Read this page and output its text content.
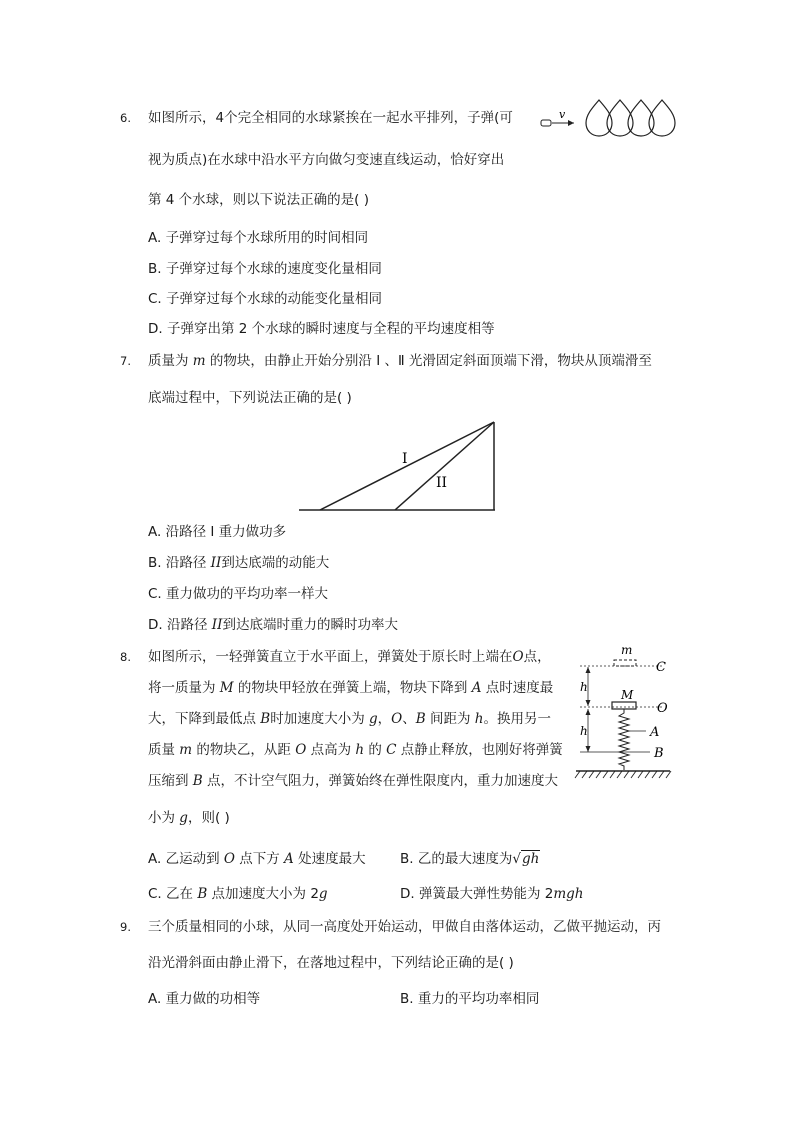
6. 如图所示，4个完全相同的水球紧挨在一起水平排列，子弹(可
视为质点)在水球中沿水平方向做匀变速直线运动，恰好穿出
第 4 个水球，则以下说法正确的是( )
A. 子弹穿过每个水球所用的时间相同
B. 子弹穿过每个水球的速度变化量相同
C. 子弹穿过每个水球的动能变化量相同
D. 子弹穿出第 2 个水球的瞬时速度与全程的平均速度相等
v
7. 质量为 m 的物块，由静止开始分别沿 Ⅰ 、Ⅱ 光滑固定斜面顶端下滑，物块从顶端滑至
底端过程中，下列说法正确的是( )
I
II
A. 沿路径 Ⅰ 重力做功多
B. 沿路径 II到达底端的动能大
C. 重力做功的平均功率一样大
D. 沿路径 II到达底端时重力的瞬时功率大
8. 如图所示，一轻弹簧直立于水平面上，弹簧处于原长时上端在O点，
将一质量为 M 的物块甲轻放在弹簧上端，物块下降到 A 点时速度最
大，下降到最低点 B时加速度大小为 g，O、B 间距为 h。换用另一
质量 m 的物块乙，从距 O 点高为 h 的 C 点静止释放，也刚好将弹簧
压缩到 B 点，不计空气阻力，弹簧始终在弹性限度内，重力加速度大
小为 g，则( )
m
C
h
M
O
h	A
B
A. 乙运动到 O 点下方 A 处速度最大	B. 乙的最大速度为√gh
C. 乙在 B 点加速度大小为 2g	D. 弹簧最大弹性势能为 2mgh
9. 三个质量相同的小球，从同一高度处开始运动，甲做自由落体运动，乙做平抛运动，丙
沿光滑斜面由静止滑下，在落地过程中，下列结论正确的是( )
A. 重力做的功相等	B. 重力的平均功率相同
